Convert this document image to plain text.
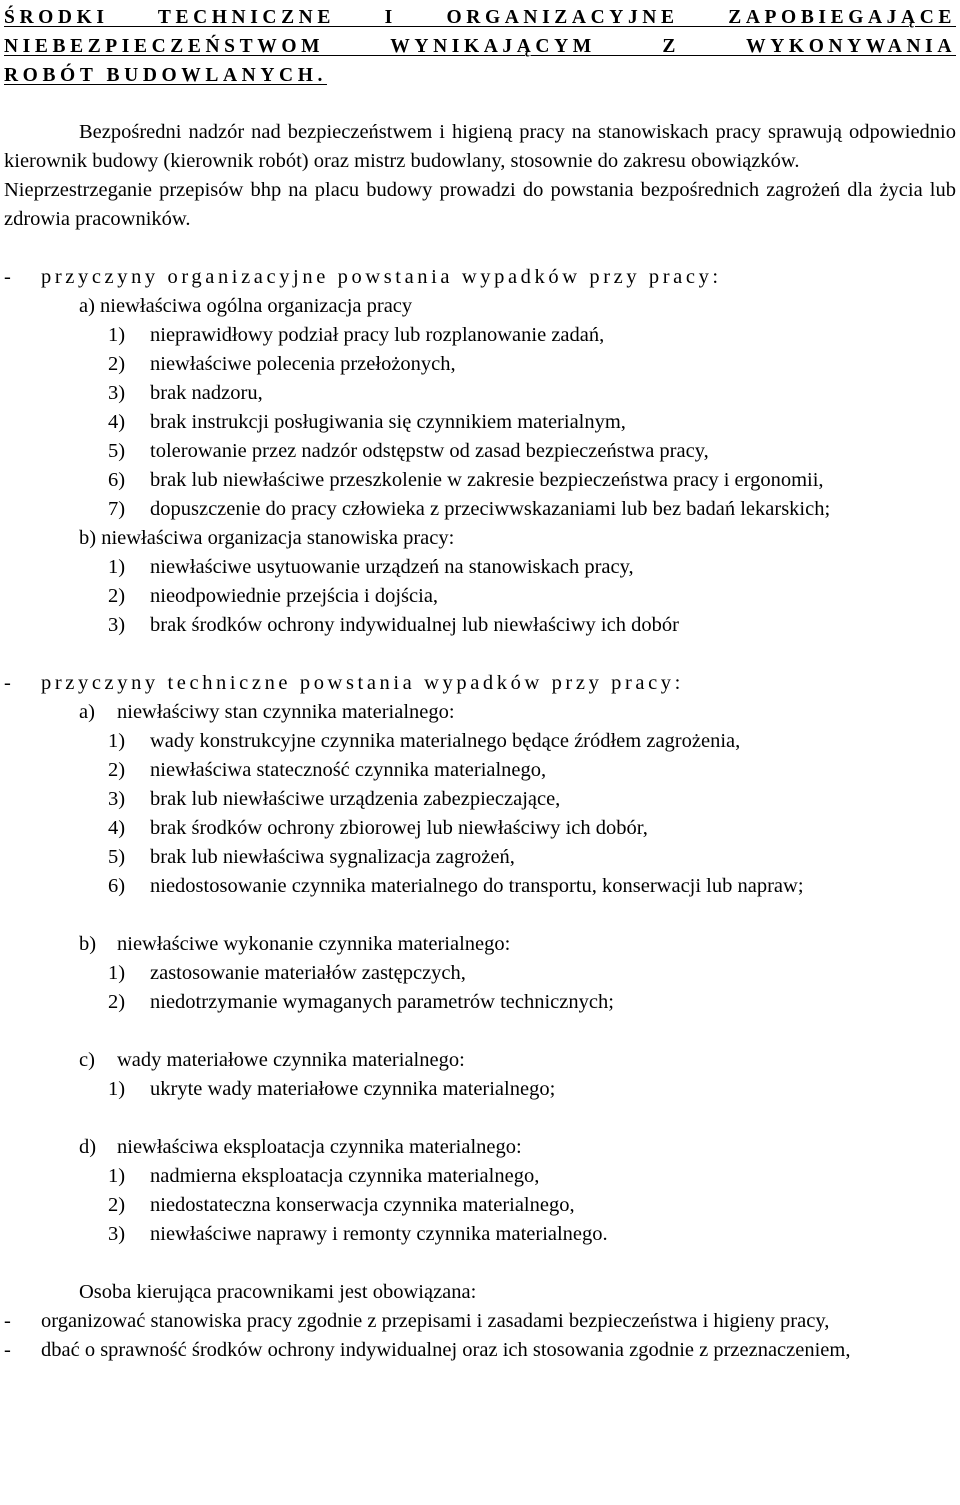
ŚRODKI TECHNICZNE I ORGANIZACYJNE ZAPOBIEGAJĄCE
NIEBEZPIECZEŃSTWOM WYNIKAJĄCYM Z WYKONYWANIA
ROBÓT BUDOWLANYCH.

Bezpośredni nadzór nad bezpieczeństwem i higieną pracy na stanowiskach pracy sprawują odpowiednio kierownik budowy (kierownik robót) oraz mistrz budowlany, stosownie do zakresu obowiązków.

Nieprzestrzeganie przepisów bhp na placu budowy prowadzi do powstania bezpośrednich zagrożeń dla życia lub zdrowia pracowników.

-	przyczyny organizacyjne powstania wypadków przy pracy:
a) niewłaściwa ogólna organizacja pracy
1)	nieprawidłowy podział pracy lub rozplanowanie zadań,
2)	niewłaściwe polecenia przełożonych,
3)	brak nadzoru,
4)	brak instrukcji posługiwania się czynnikiem materialnym,
5)	tolerowanie przez nadzór odstępstw od zasad bezpieczeństwa pracy,
6)	brak lub niewłaściwe przeszkolenie w zakresie bezpieczeństwa pracy i ergonomii,
7)	dopuszczenie do pracy człowieka z przeciwwskazaniami lub bez badań lekarskich;
b) niewłaściwa organizacja stanowiska pracy:
1)	niewłaściwe usytuowanie urządzeń na stanowiskach pracy,
2)	nieodpowiednie przejścia i dojścia,
3)	brak środków ochrony indywidualnej lub niewłaściwy ich dobór
-	przyczyny techniczne powstania wypadków przy pracy:
a) niewłaściwy stan czynnika materialnego:
1)	wady konstrukcyjne czynnika materialnego będące źródłem zagrożenia,
2)	niewłaściwa stateczność czynnika materialnego,
3)	brak lub niewłaściwe urządzenia zabezpieczające,
4)	brak środków ochrony zbiorowej lub niewłaściwy ich dobór,
5)	brak lub niewłaściwa sygnalizacja zagrożeń,
6)	niedostosowanie czynnika materialnego do transportu, konserwacji lub napraw;
b) niewłaściwe wykonanie czynnika materialnego:
1)	zastosowanie materiałów zastępczych,
2)	niedotrzymanie wymaganych parametrów technicznych;
c) wady materiałowe czynnika materialnego:
1)	ukryte wady materiałowe czynnika materialnego;
d) niewłaściwa eksploatacja czynnika materialnego:
1)	nadmierna eksploatacja czynnika materialnego,
2)	niedostateczna konserwacja czynnika materialnego,
3)	niewłaściwe naprawy i remonty czynnika materialnego.

Osoba kierująca pracownikami jest obowiązana:

-	organizować stanowiska pracy zgodnie z przepisami i zasadami bezpieczeństwa i higieny pracy,
-	dbać o sprawność środków ochrony indywidualnej oraz ich stosowania zgodnie z przeznaczeniem,
